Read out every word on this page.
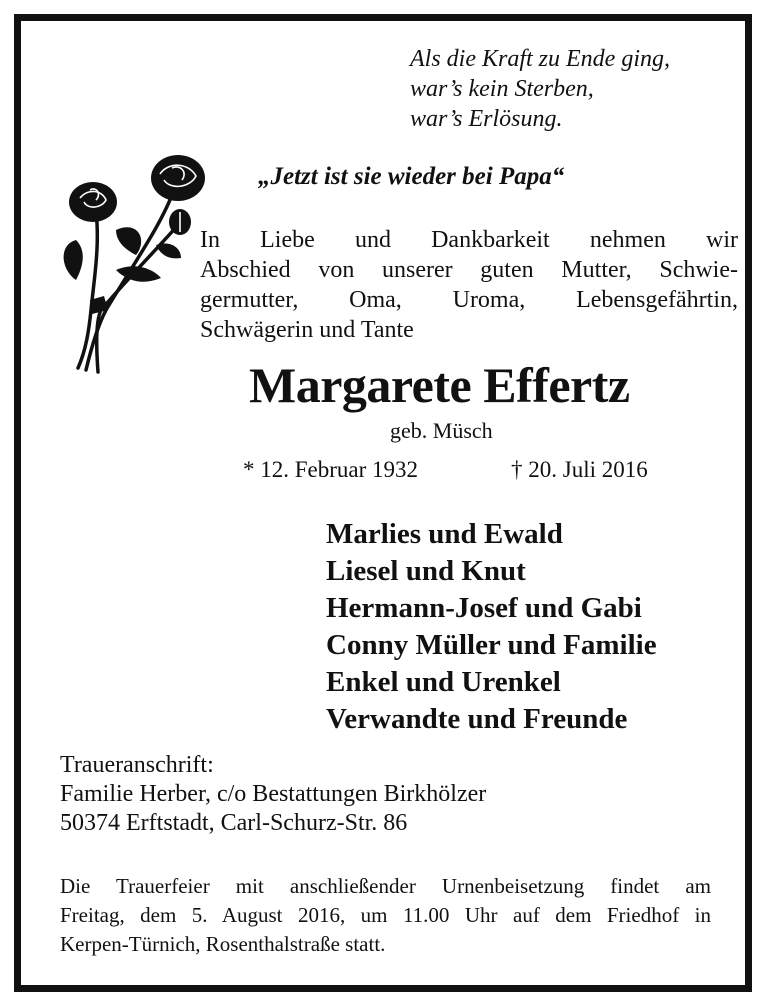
Als die Kraft zu Ende ging,
war’s kein Sterben,
war’s Erlösung.
„Jetzt ist sie wieder bei Papa“
In Liebe und Dankbarkeit nehmen wir
Abschied von unserer guten Mutter, Schwie-
germutter, Oma, Uroma, Lebensgefährtin,
Schwägerin und Tante
Margarete Effertz
geb. Müsch
* 12. Februar 1932	† 20. Juli 2016
Marlies und Ewald
Liesel und Knut
Hermann-Josef und Gabi
Conny Müller und Familie
Enkel und Urenkel
Verwandte und Freunde
Traueranschrift:
Familie Herber, c/o Bestattungen Birkhölzer
50374 Erftstadt, Carl-Schurz-Str. 86
Die Trauerfeier mit anschließender Urnenbeisetzung findet am
Freitag, dem 5. August 2016, um 11.00 Uhr auf dem Friedhof in
Kerpen-Türnich, Rosenthalstraße statt.
